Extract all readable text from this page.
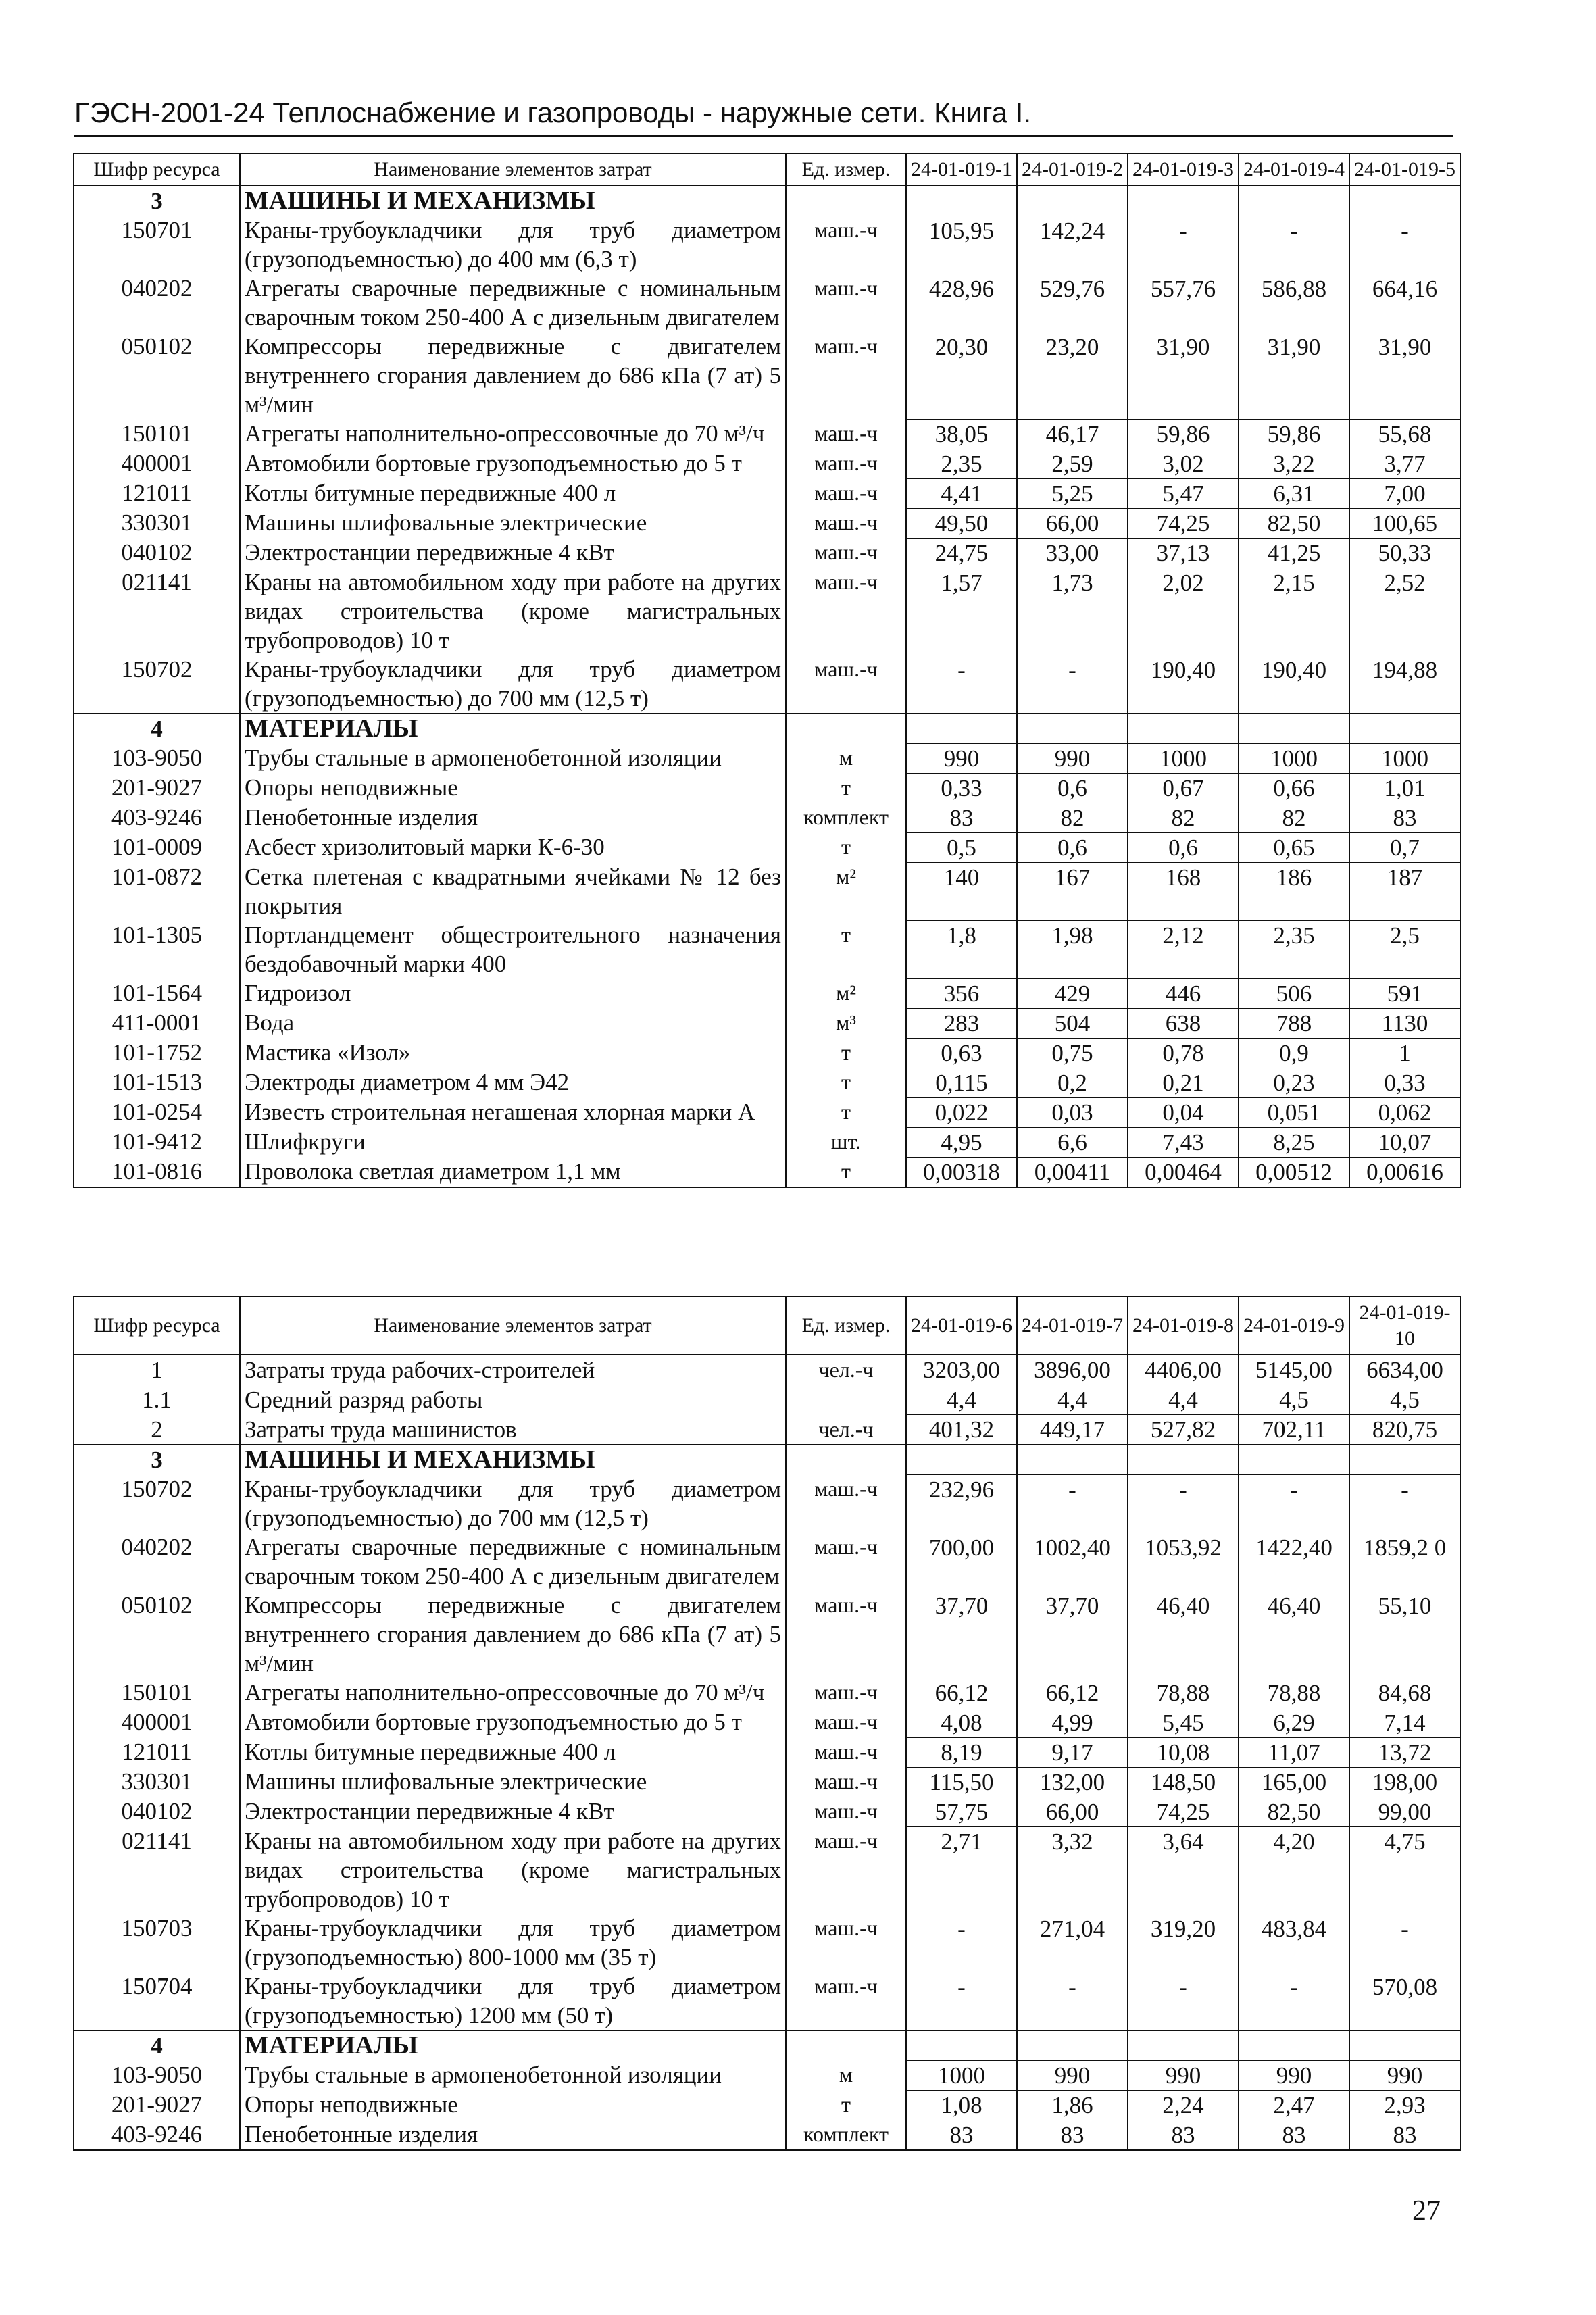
ГЭСН-2001-24 Теплоснабжение и газопроводы - наружные сети. Книга I.
Шифр ресурса	Наименование элементов затрат	Ед. измер.	24-01-019-1	24-01-019-2	24-01-019-3	24-01-019-4	24-01-019-5
3	МАШИНЫ И МЕХАНИЗМЫ						
150701	Краны-трубоукладчики для труб диаметром (грузоподъемностью) до 400 мм (6,3 т)	маш.-ч	105,95	142,24	-	-	-
040202	Агрегаты сварочные передвижные с номинальным сварочным током 250-400 А с дизельным двигателем	маш.-ч	428,96	529,76	557,76	586,88	664,16
050102	Компрессоры передвижные с двигателем внутреннего сгорания давлением до 686 кПа (7 ат) 5 м³/мин	маш.-ч	20,30	23,20	31,90	31,90	31,90
150101	Агрегаты наполнительно-опрессовочные до 70 м³/ч	маш.-ч	38,05	46,17	59,86	59,86	55,68
400001	Автомобили бортовые грузоподъемностью до 5 т	маш.-ч	2,35	2,59	3,02	3,22	3,77
121011	Котлы битумные передвижные 400 л	маш.-ч	4,41	5,25	5,47	6,31	7,00
330301	Машины шлифовальные электрические	маш.-ч	49,50	66,00	74,25	82,50	100,65
040102	Электростанции передвижные 4 кВт	маш.-ч	24,75	33,00	37,13	41,25	50,33
021141	Краны на автомобильном ходу при работе на других видах строительства (кроме магистральных трубопроводов) 10 т	маш.-ч	1,57	1,73	2,02	2,15	2,52
150702	Краны-трубоукладчики для труб диаметром (грузоподъемностью) до 700 мм (12,5 т)	маш.-ч	-	-	190,40	190,40	194,88
4	МАТЕРИАЛЫ						
103-9050	Трубы стальные в армопенобетонной изоляции	м	990	990	1000	1000	1000
201-9027	Опоры неподвижные	т	0,33	0,6	0,67	0,66	1,01
403-9246	Пенобетонные изделия	комплект	83	82	82	82	83
101-0009	Асбест хризолитовый марки К-6-30	т	0,5	0,6	0,6	0,65	0,7
101-0872	Сетка плетеная с квадратными ячейками № 12 без покрытия	м²	140	167	168	186	187
101-1305	Портландцемент общестроительного назначения бездобавочный марки 400	т	1,8	1,98	2,12	2,35	2,5
101-1564	Гидроизол	м²	356	429	446	506	591
411-0001	Вода	м³	283	504	638	788	1130
101-1752	Мастика «Изол»	т	0,63	0,75	0,78	0,9	1
101-1513	Электроды диаметром 4 мм Э42	т	0,115	0,2	0,21	0,23	0,33
101-0254	Известь строительная негашеная хлорная марки А	т	0,022	0,03	0,04	0,051	0,062
101-9412	Шлифкруги	шт.	4,95	6,6	7,43	8,25	10,07
101-0816	Проволока светлая диаметром 1,1 мм	т	0,00318	0,00411	0,00464	0,00512	0,00616
Шифр ресурса	Наименование элементов затрат	Ед. измер.	24-01-019-6	24-01-019-7	24-01-019-8	24-01-019-9	24-01-019-10
1	Затраты труда рабочих-строителей	чел.-ч	3203,00	3896,00	4406,00	5145,00	6634,00
1.1	Средний разряд работы		4,4	4,4	4,4	4,5	4,5
2	Затраты труда машинистов	чел.-ч	401,32	449,17	527,82	702,11	820,75
3	МАШИНЫ И МЕХАНИЗМЫ						
150702	Краны-трубоукладчики для труб диаметром (грузоподъемностью) до 700 мм (12,5 т)	маш.-ч	232,96	-	-	-	-
040202	Агрегаты сварочные передвижные с номинальным сварочным током 250-400 А с дизельным двигателем	маш.-ч	700,00	1002,40	1053,92	1422,40	1859,2 0
050102	Компрессоры передвижные с двигателем внутреннего сгорания давлением до 686 кПа (7 ат) 5 м³/мин	маш.-ч	37,70	37,70	46,40	46,40	55,10
150101	Агрегаты наполнительно-опрессовочные до 70 м³/ч	маш.-ч	66,12	66,12	78,88	78,88	84,68
400001	Автомобили бортовые грузоподъемностью до 5 т	маш.-ч	4,08	4,99	5,45	6,29	7,14
121011	Котлы битумные передвижные 400 л	маш.-ч	8,19	9,17	10,08	11,07	13,72
330301	Машины шлифовальные электрические	маш.-ч	115,50	132,00	148,50	165,00	198,00
040102	Электростанции передвижные 4 кВт	маш.-ч	57,75	66,00	74,25	82,50	99,00
021141	Краны на автомобильном ходу при работе на других видах строительства (кроме магистральных трубопроводов) 10 т	маш.-ч	2,71	3,32	3,64	4,20	4,75
150703	Краны-трубоукладчики для труб диаметром (грузоподъемностью) 800-1000 мм (35 т)	маш.-ч	-	271,04	319,20	483,84	-
150704	Краны-трубоукладчики для труб диаметром (грузоподъемностью) 1200 мм (50 т)	маш.-ч	-	-	-	-	570,08
4	МАТЕРИАЛЫ						
103-9050	Трубы стальные в армопенобетонной изоляции	м	1000	990	990	990	990
201-9027	Опоры неподвижные	т	1,08	1,86	2,24	2,47	2,93
403-9246	Пенобетонные изделия	комплект	83	83	83	83	83
27
